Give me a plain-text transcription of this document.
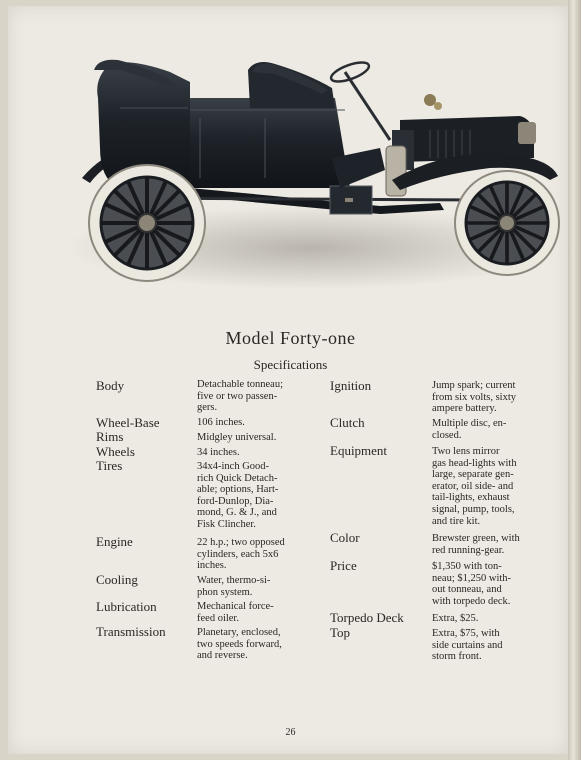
Model Forty-one
Specifications
Body	Detachable tonneau;
five or two passen-
gers.
Wheel-Base	106 inches.
Rims	Midgley universal.
Wheels	34 inches.
Tires	34x4-inch Good-
rich Quick Detach-
able; options, Hart-
ford-Dunlop, Dia-
mond, G. & J., and
Fisk Clincher.
Engine	22 h.p.; two opposed
cylinders, each 5x6
inches.
Cooling	Water, thermo-si-
phon system.
Lubrication	Mechanical force-
feed oiler.
Transmission	Planetary, enclosed,
two speeds forward,
and reverse.
Ignition	Jump spark; current
from six volts, sixty
ampere battery.
Clutch	Multiple disc, en-
closed.
Equipment	Two lens mirror
gas head-lights with
large, separate gen-
erator, oil side- and
tail-lights, exhaust
signal, pump, tools,
and tire kit.
Color	Brewster green, with
red running-gear.
Price	$1,350 with ton-
neau; $1,250 with-
out tonneau, and
with torpedo deck.
Torpedo Deck	Extra, $25.
Top	Extra, $75, with
side curtains and
storm front.
26
